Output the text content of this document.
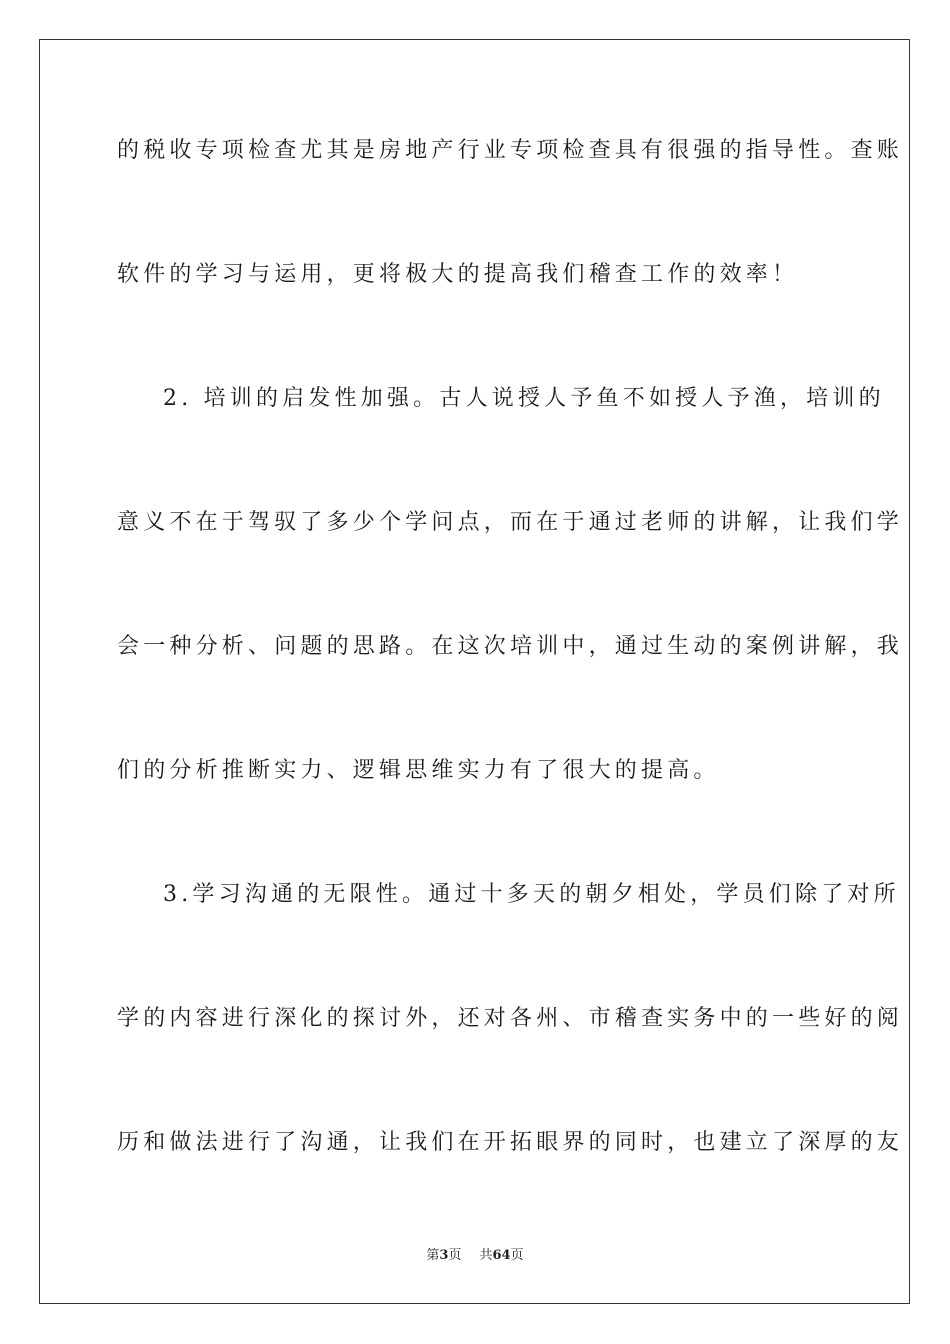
的税收专项检查尤其是房地产行业专项检查具有很强的指导性。查账
软件的学习与运用，更将极大的提高我们稽查工作的效率！
2. 培训的启发性加强。古人说授人予鱼不如授人予渔，培训的
意义不在于驾驭了多少个学问点，而在于通过老师的讲解，让我们学
会一种分析、问题的思路。在这次培训中，通过生动的案例讲解，我
们的分析推断实力、逻辑思维实力有了很大的提高。
3.学习沟通的无限性。通过十多天的朝夕相处，学员们除了对所
学的内容进行深化的探讨外，还对各州、市稽查实务中的一些好的阅
历和做法进行了沟通，让我们在开拓眼界的同时，也建立了深厚的友
第3页 共64页
